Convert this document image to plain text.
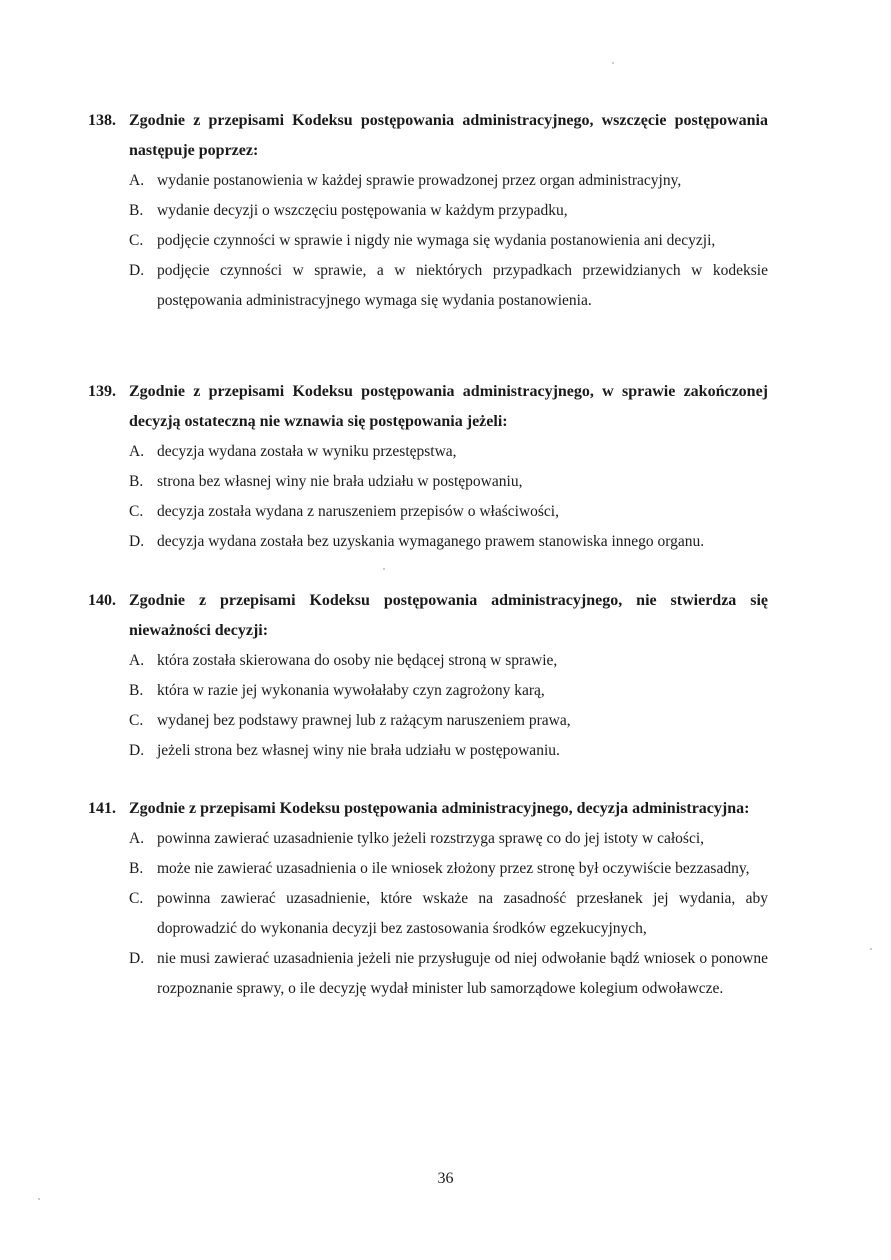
138. Zgodnie z przepisami Kodeksu postępowania administracyjnego, wszczęcie postępowania następuje poprzez:
A. wydanie postanowienia w każdej sprawie prowadzonej przez organ administracyjny,
B. wydanie decyzji o wszczęciu postępowania w każdym przypadku,
C. podjęcie czynności w sprawie i nigdy nie wymaga się wydania postanowienia ani decyzji,
D. podjęcie czynności w sprawie, a w niektórych przypadkach przewidzianych w kodeksie postępowania administracyjnego wymaga się wydania postanowienia.
139. Zgodnie z przepisami Kodeksu postępowania administracyjnego, w sprawie zakończonej decyzją ostateczną nie wznawia się postępowania jeżeli:
A. decyzja wydana została w wyniku przestępstwa,
B. strona bez własnej winy nie brała udziału w postępowaniu,
C. decyzja została wydana z naruszeniem przepisów o właściwości,
D. decyzja wydana została bez uzyskania wymaganego prawem stanowiska innego organu.
140. Zgodnie z przepisami Kodeksu postępowania administracyjnego, nie stwierdza się nieważności decyzji:
A. która została skierowana do osoby nie będącej stroną w sprawie,
B. która w razie jej wykonania wywołałaby czyn zagrożony karą,
C. wydanej bez podstawy prawnej lub z rażącym naruszeniem prawa,
D. jeżeli strona bez własnej winy nie brała udziału w postępowaniu.
141. Zgodnie z przepisami Kodeksu postępowania administracyjnego, decyzja administracyjna:
A. powinna zawierać uzasadnienie tylko jeżeli rozstrzyga sprawę co do jej istoty w całości,
B. może nie zawierać uzasadnienia o ile wniosek złożony przez stronę był oczywiście bezzasadny,
C. powinna zawierać uzasadnienie, które wskaże na zasadność przesłanek jej wydania, aby doprowadzić do wykonania decyzji bez zastosowania środków egzekucyjnych,
D. nie musi zawierać uzasadnienia jeżeli nie przysługuje od niej odwołanie bądź wniosek o ponowne rozpoznanie sprawy, o ile decyzję wydał minister lub samorządowe kolegium odwoławcze.
36
